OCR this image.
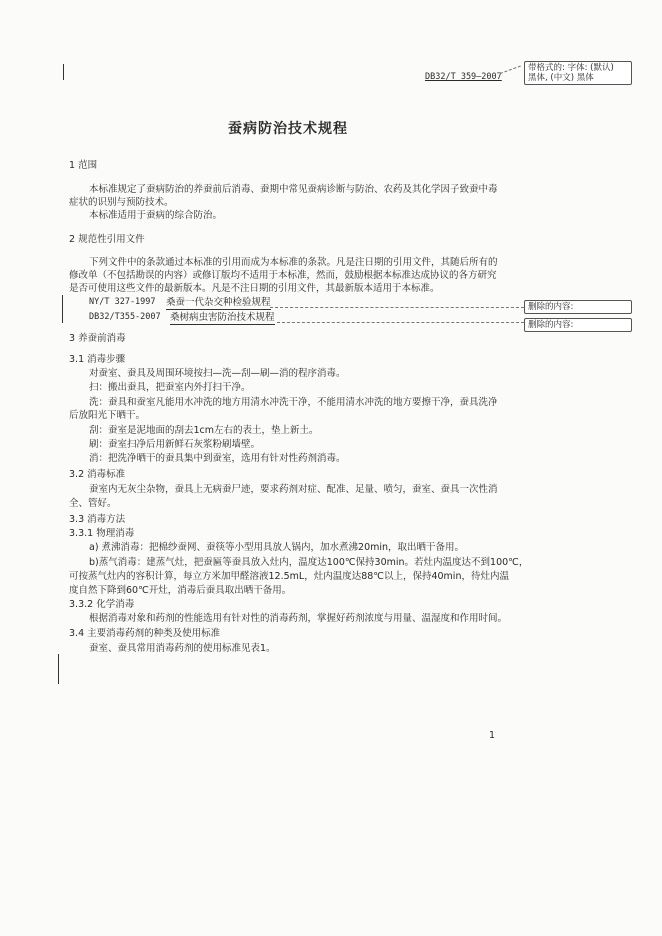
DB32/T 359—2007
带格式的: 字体: (默认)
黑体, (中文) 黑体
蚕病防治技术规程
1 范围
本标准规定了蚕病防治的养蚕前后消毒、蚕期中常见蚕病诊断与防治、农药及其化学因子致蚕中毒
症状的识别与预防技术。
本标准适用于蚕病的综合防治。
2 规范性引用文件
下列文件中的条款通过本标准的引用而成为本标准的条款。凡是注日期的引用文件，其随后所有的
修改单（不包括勘误的内容）或修订版均不适用于本标准，然而，鼓励根据本标准达成协议的各方研究
是否可使用这些文件的最新版本。凡是不注日期的引用文件，其最新版本适用于本标准。
NY/T 327-1997 桑蚕一代杂交种检验规程
DB32/T355-2007 桑树病虫害防治技术规程
删除的内容:
删除的内容:
3 养蚕前消毒
3.1 消毒步骤
对蚕室、蚕具及周围环境按扫—洗—刮—刷—消的程序消毒。
扫：搬出蚕具，把蚕室内外打扫干净。
洗：蚕具和蚕室凡能用水冲洗的地方用清水冲洗干净，不能用清水冲洗的地方要擦干净，蚕具洗净
后放阳光下晒干。
刮：蚕室是泥地面的刮去1cm左右的表土，垫上新土。
刷：蚕室扫净后用新鲜石灰浆粉刷墙壁。
消：把洗净晒干的蚕具集中到蚕室，选用有针对性药剂消毒。
3.2 消毒标准
蚕室内无灰尘杂物，蚕具上无病蚕尸迹，要求药剂对症、配准、足量、喷匀，蚕室、蚕具一次性消
全、管好。
3.3 消毒方法
3.3.1 物理消毒
a) 煮沸消毒：把棉纱蚕网、蚕筷等小型用具放人锅内，加水煮沸20min，取出晒干备用。
b)蒸气消毒：建蒸气灶，把蚕匾等蚕具放入灶内，温度达100℃保持30min。若灶内温度达不到100℃，
可按蒸气灶内的容积计算，每立方米加甲醛溶液12.5mL，灶内温度达88℃以上，保持40min，待灶内温
度自然下降到60℃开灶，消毒后蚕具取出晒干备用。
3.3.2 化学消毒
根据消毒对象和药剂的性能选用有针对性的消毒药剂，掌握好药剂浓度与用量、温湿度和作用时间。
3.4 主要消毒药剂的种类及使用标准
蚕室、蚕具常用消毒药剂的使用标准见表1。
1
